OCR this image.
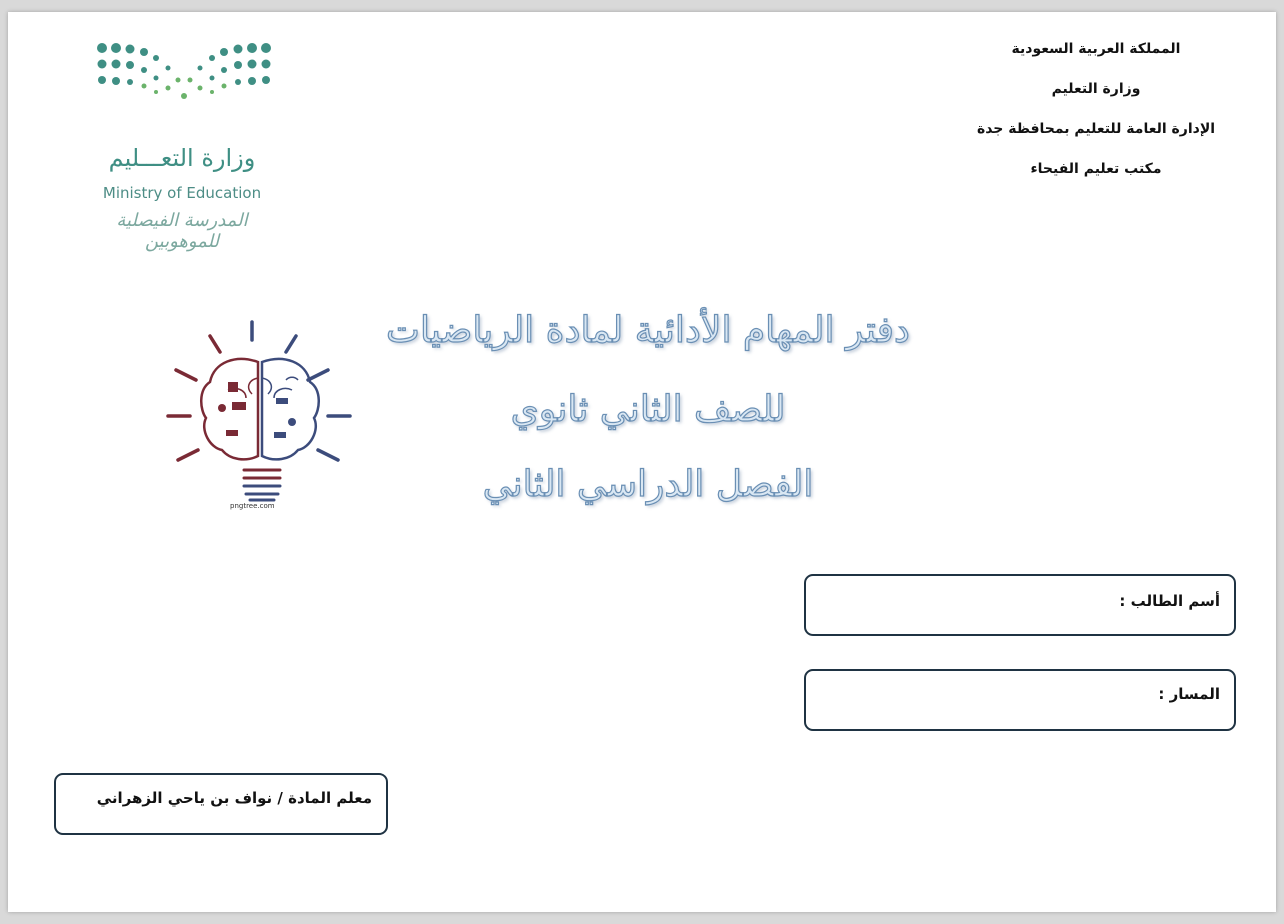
المملكة العربية السعودية
وزارة التعليم
الإدارة العامة للتعليم بمحافظة جدة
مكتب تعليم الفيحاء
وزارة التعـــليم
Ministry of Education
المدرسة الفيصلية للموهوبين
pngtree.com
دفتر المهام الأدائية لمادة الرياضيات
للصف الثاني ثانوي
الفصل الدراسي الثاني
أسم الطالب :
المسار :
معلم المادة / نواف بن ياحي الزهراني
